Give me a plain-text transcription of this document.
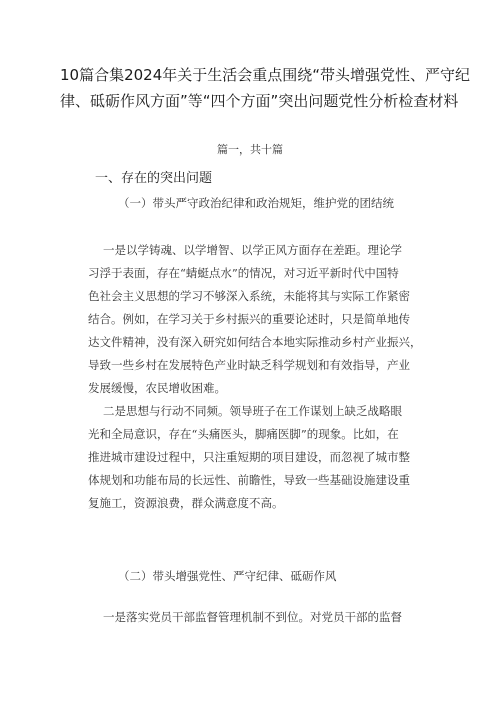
10篇合集2024年关于生活会重点围绕“带头增强党性、严守纪
律、砥砺作风方面”等“四个方面”突出问题党性分析检查材料
篇一，共十篇
一、存在的突出问题
（一）带头严守政治纪律和政治规矩，维护党的团结统
一是以学铸魂、以学增智、以学正风方面存在差距。理论学
习浮于表面，存在“蜻蜓点水”的情况，对习近平新时代中国特
色社会主义思想的学习不够深入系统，未能将其与实际工作紧密
结合。例如，在学习关于乡村振兴的重要论述时，只是简单地传
达文件精神，没有深入研究如何结合本地实际推动乡村产业振兴，
导致一些乡村在发展特色产业时缺乏科学规划和有效指导，产业
发展缓慢，农民增收困难。
二是思想与行动不同频。领导班子在工作谋划上缺乏战略眼
光和全局意识，存在“头痛医头，脚痛医脚”的现象。比如，在
推进城市建设过程中，只注重短期的项目建设，而忽视了城市整
体规划和功能布局的长远性、前瞻性，导致一些基础设施建设重
复施工，资源浪费，群众满意度不高。
（二）带头增强党性、严守纪律、砥砺作风
一是落实党员干部监督管理机制不到位。对党员干部的监督
